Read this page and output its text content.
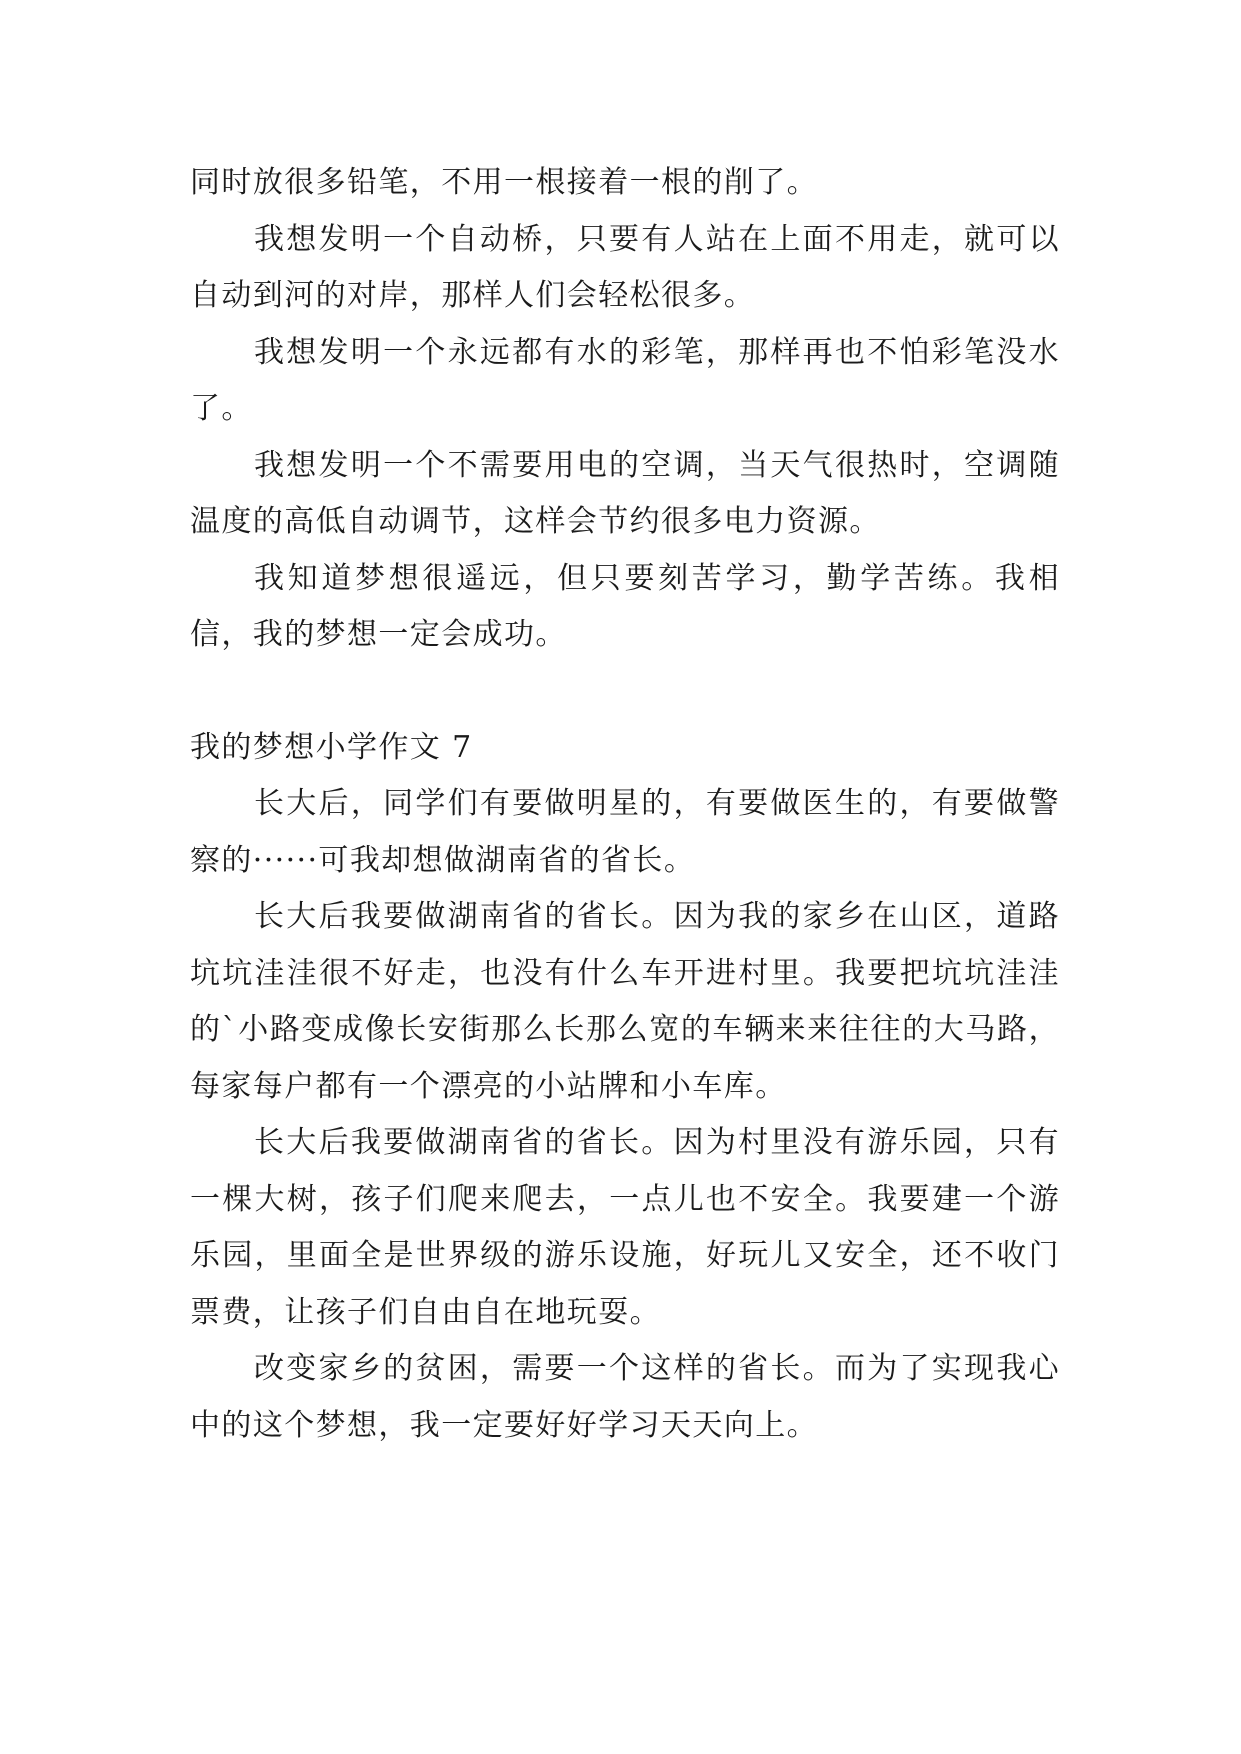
同时放很多铅笔，不用一根接着一根的削了。

我想发明一个自动桥，只要有人站在上面不用走，就可以自动到河的对岸，那样人们会轻松很多。

我想发明一个永远都有水的彩笔，那样再也不怕彩笔没水了。

我想发明一个不需要用电的空调，当天气很热时，空调随温度的高低自动调节，这样会节约很多电力资源。

我知道梦想很遥远，但只要刻苦学习，勤学苦练。我相信，我的梦想一定会成功。

我的梦想小学作文 7

长大后，同学们有要做明星的，有要做医生的，有要做警察的······可我却想做湖南省的省长。

长大后我要做湖南省的省长。因为我的家乡在山区，道路坑坑洼洼很不好走，也没有什么车开进村里。我要把坑坑洼洼的`小路变成像长安街那么长那么宽的车辆来来往往的大马路，每家每户都有一个漂亮的小站牌和小车库。

长大后我要做湖南省的省长。因为村里没有游乐园，只有一棵大树，孩子们爬来爬去，一点儿也不安全。我要建一个游乐园，里面全是世界级的游乐设施，好玩儿又安全，还不收门票费，让孩子们自由自在地玩耍。

改变家乡的贫困，需要一个这样的省长。而为了实现我心中的这个梦想，我一定要好好学习天天向上。
